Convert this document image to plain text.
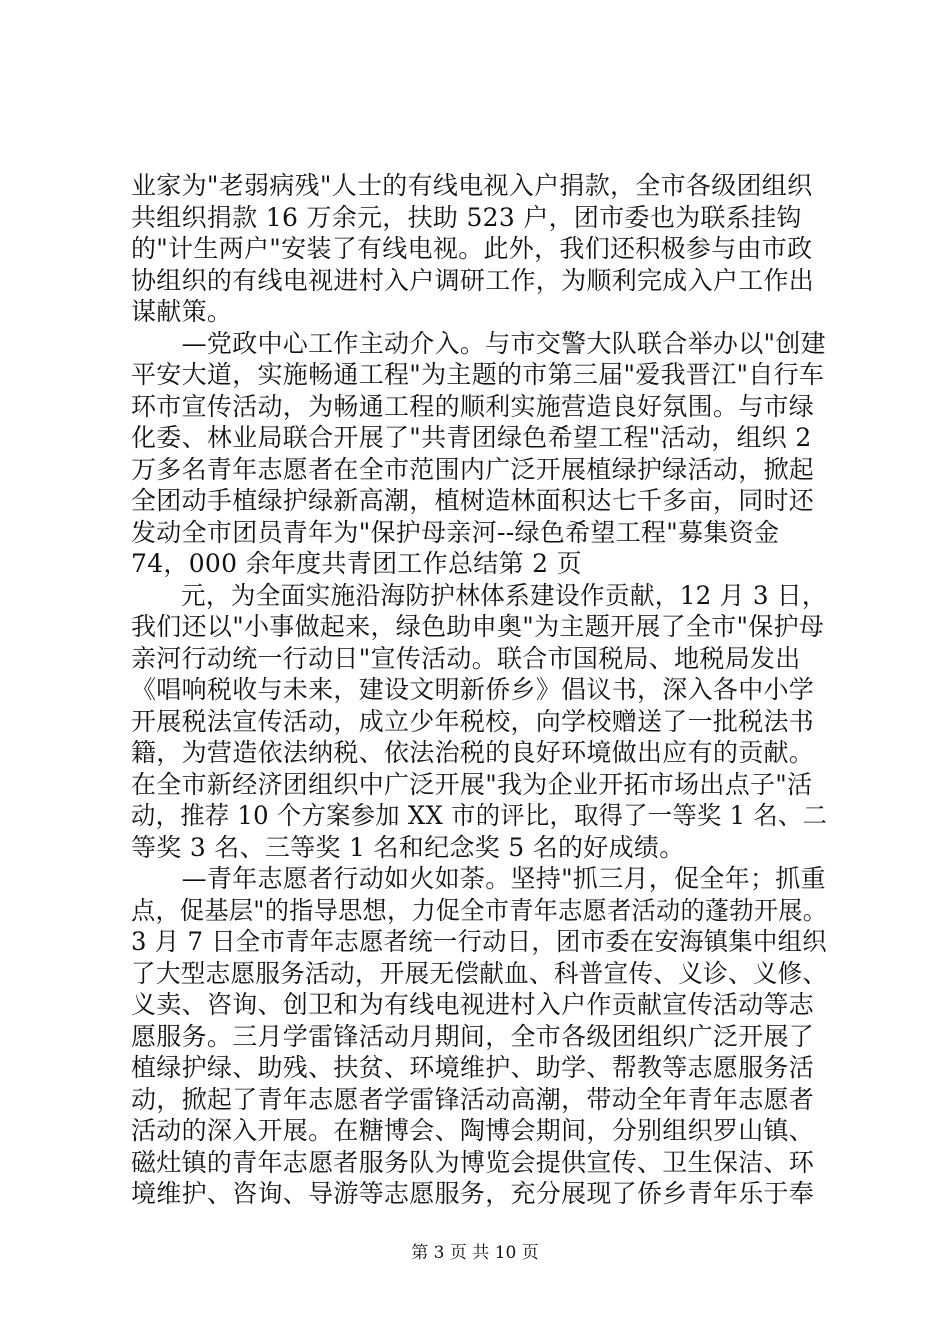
业家为"老弱病残"人士的有线电视入户捐款，全市各级团组织
共组织捐款 16 万余元，扶助 523 户，团市委也为联系挂钩
的"计生两户"安装了有线电视。此外，我们还积极参与由市政
协组织的有线电视进村入户调研工作，为顺利完成入户工作出
谋献策。
　　—党政中心工作主动介入。与市交警大队联合举办以"创建
平安大道，实施畅通工程"为主题的市第三届"爱我晋江"自行车
环市宣传活动，为畅通工程的顺利实施营造良好氛围。与市绿
化委、林业局联合开展了"共青团绿色希望工程"活动，组织 2
万多名青年志愿者在全市范围内广泛开展植绿护绿活动，掀起
全团动手植绿护绿新高潮，植树造林面积达七千多亩，同时还
发动全市团员青年为"保护母亲河--绿色希望工程"募集资金
74，000 余年度共青团工作总结第 2 页
　　元，为全面实施沿海防护林体系建设作贡献，12 月 3 日，
我们还以"小事做起来，绿色助申奥"为主题开展了全市"保护母
亲河行动统一行动日"宣传活动。联合市国税局、地税局发出
《唱响税收与未来，建设文明新侨乡》倡议书，深入各中小学
开展税法宣传活动，成立少年税校，向学校赠送了一批税法书
籍，为营造依法纳税、依法治税的良好环境做出应有的贡献。
在全市新经济团组织中广泛开展"我为企业开拓市场出点子"活
动，推荐 10 个方案参加 XX 市的评比，取得了一等奖 1 名、二
等奖 3 名、三等奖 1 名和纪念奖 5 名的好成绩。
　　—青年志愿者行动如火如荼。坚持"抓三月，促全年；抓重
点，促基层"的指导思想，力促全市青年志愿者活动的蓬勃开展。
3 月 7 日全市青年志愿者统一行动日，团市委在安海镇集中组织
了大型志愿服务活动，开展无偿献血、科普宣传、义诊、义修、
义卖、咨询、创卫和为有线电视进村入户作贡献宣传活动等志
愿服务。三月学雷锋活动月期间，全市各级团组织广泛开展了
植绿护绿、助残、扶贫、环境维护、助学、帮教等志愿服务活
动，掀起了青年志愿者学雷锋活动高潮，带动全年青年志愿者
活动的深入开展。在糖博会、陶博会期间，分别组织罗山镇、
磁灶镇的青年志愿者服务队为博览会提供宣传、卫生保洁、环
境维护、咨询、导游等志愿服务，充分展现了侨乡青年乐于奉
第 3 页 共 10 页
